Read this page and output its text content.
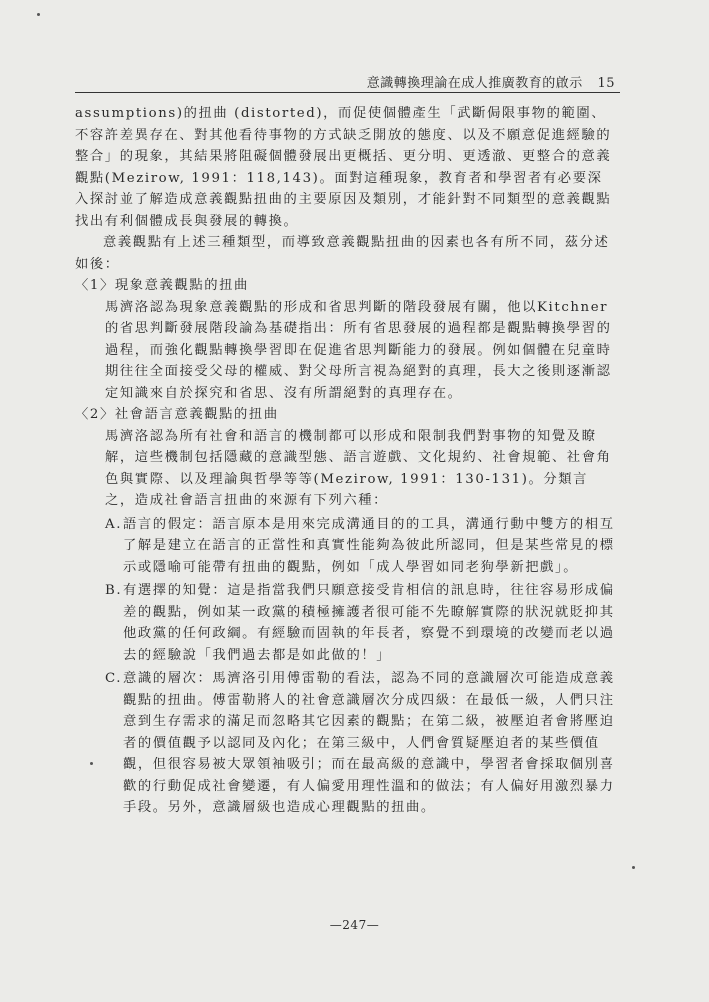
意識轉換理論在成人推廣教育的啟示 15

assumptions)的扭曲 (distorted)，而促使個體產生「武斷侷限事物的範圍、不容許差異存在、對其他看待事物的方式缺乏開放的態度、以及不願意促進經驗的整合」的現象，其結果將阻礙個體發展出更概括、更分明、更透澈、更整合的意義觀點(Mezirow, 1991：118,143)。面對這種現象，教育者和學習者有必要深入探討並了解造成意義觀點扭曲的主要原因及類別，才能針對不同類型的意義觀點找出有利個體成長與發展的轉換。

意義觀點有上述三種類型，而導致意義觀點扭曲的因素也各有所不同，茲分述如後：

〈1〉現象意義觀點的扭曲

馬濟洛認為現象意義觀點的形成和省思判斷的階段發展有關，他以Kitchner 的省思判斷發展階段論為基礎指出：所有省思發展的過程都是觀點轉換學習的過程，而強化觀點轉換學習即在促進省思判斷能力的發展。例如個體在兒童時期往往全面接受父母的權威、對父母所言視為絕對的真理，長大之後則逐漸認定知識來自於探究和省思、沒有所謂絕對的真理存在。

〈2〉社會語言意義觀點的扭曲

馬濟洛認為所有社會和語言的機制都可以形成和限制我們對事物的知覺及瞭解，這些機制包括隱藏的意識型態、語言遊戲、文化規約、社會規範、社會角色與實際、以及理論與哲學等等(Mezirow, 1991：130-131)。分類言之，造成社會語言扭曲的來源有下列六種：

A. 語言的假定：語言原本是用來完成溝通目的的工具，溝通行動中雙方的相互了解是建立在語言的正當性和真實性能夠為彼此所認同，但是某些常見的標示或隱喻可能帶有扭曲的觀點，例如「成人學習如同老狗學新把戲」。
B. 有選擇的知覺：這是指當我們只願意接受肯相信的訊息時，往往容易形成偏差的觀點，例如某一政黨的積極擁護者很可能不先瞭解實際的狀況就貶抑其他政黨的任何政綱。有經驗而固執的年長者，察覺不到環境的改變而老以過去的經驗說「我們過去都是如此做的！」
C. 意識的層次：馬濟洛引用傅雷勒的看法，認為不同的意識層次可能造成意義觀點的扭曲。傅雷勒將人的社會意識層次分成四級：在最低一級，人們只注意到生存需求的滿足而忽略其它因素的觀點；在第二級，被壓迫者會將壓迫者的價值觀予以認同及內化；在第三級中，人們會質疑壓迫者的某些價值觀，但很容易被大眾領袖吸引；而在最高級的意識中，學習者會採取個別喜歡的行動促成社會變遷，有人偏愛用理性溫和的做法；有人偏好用激烈暴力手段。另外，意識層級也造成心理觀點的扭曲。
—247—
